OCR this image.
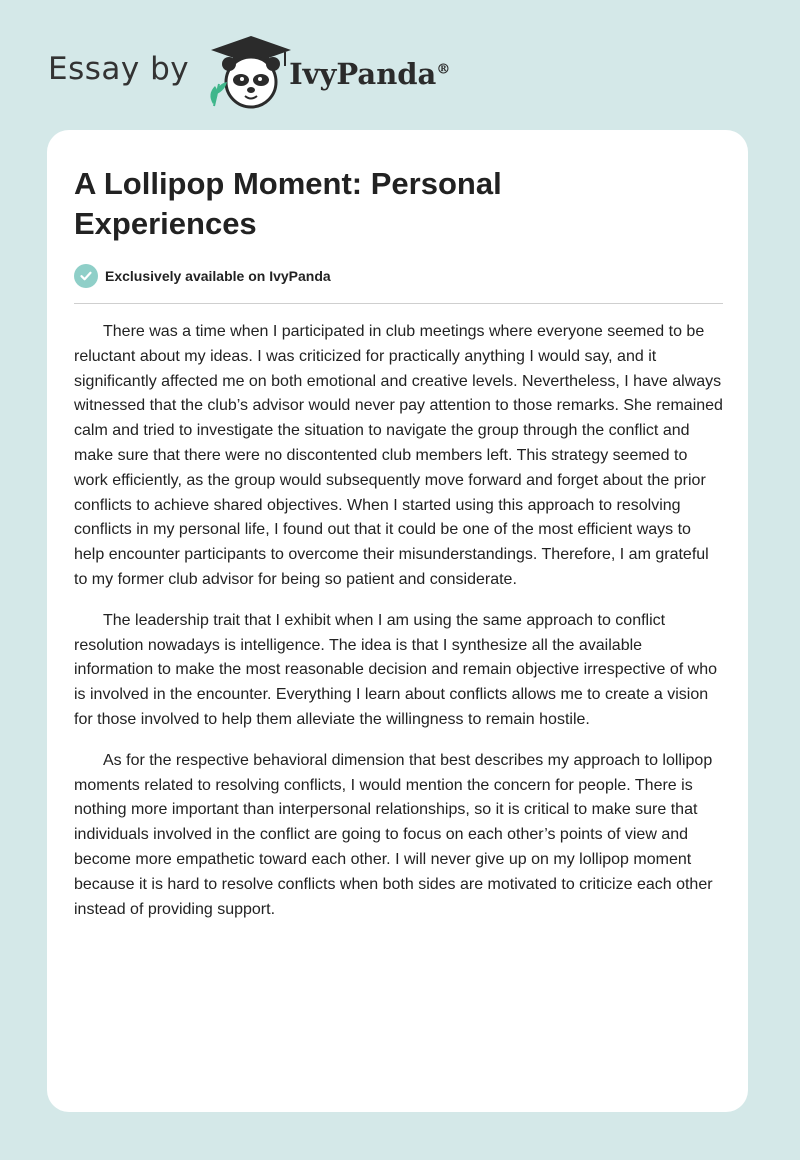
Essay by	IvyPanda®
A Lollipop Moment: Personal Experiences
Exclusively available on IvyPanda

There was a time when I participated in club meetings where everyone seemed to be reluctant about my ideas. I was criticized for practically anything I would say, and it significantly affected me on both emotional and creative levels. Nevertheless, I have always witnessed that the club’s advisor would never pay attention to those remarks. She remained calm and tried to investigate the situation to navigate the group through the conflict and make sure that there were no discontented club members left. This strategy seemed to work efficiently, as the group would subsequently move forward and forget about the prior conflicts to achieve shared objectives. When I started using this approach to resolving conflicts in my personal life, I found out that it could be one of the most efficient ways to help encounter participants to overcome their misunderstandings. Therefore, I am grateful to my former club advisor for being so patient and considerate.

The leadership trait that I exhibit when I am using the same approach to conflict resolution nowadays is intelligence. The idea is that I synthesize all the available information to make the most reasonable decision and remain objective irrespective of who is involved in the encounter. Everything I learn about conflicts allows me to create a vision for those involved to help them alleviate the willingness to remain hostile.

As for the respective behavioral dimension that best describes my approach to lollipop moments related to resolving conflicts, I would mention the concern for people. There is nothing more important than interpersonal relationships, so it is critical to make sure that individuals involved in the conflict are going to focus on each other’s points of view and become more empathetic toward each other. I will never give up on my lollipop moment because it is hard to resolve conflicts when both sides are motivated to criticize each other instead of providing support.
